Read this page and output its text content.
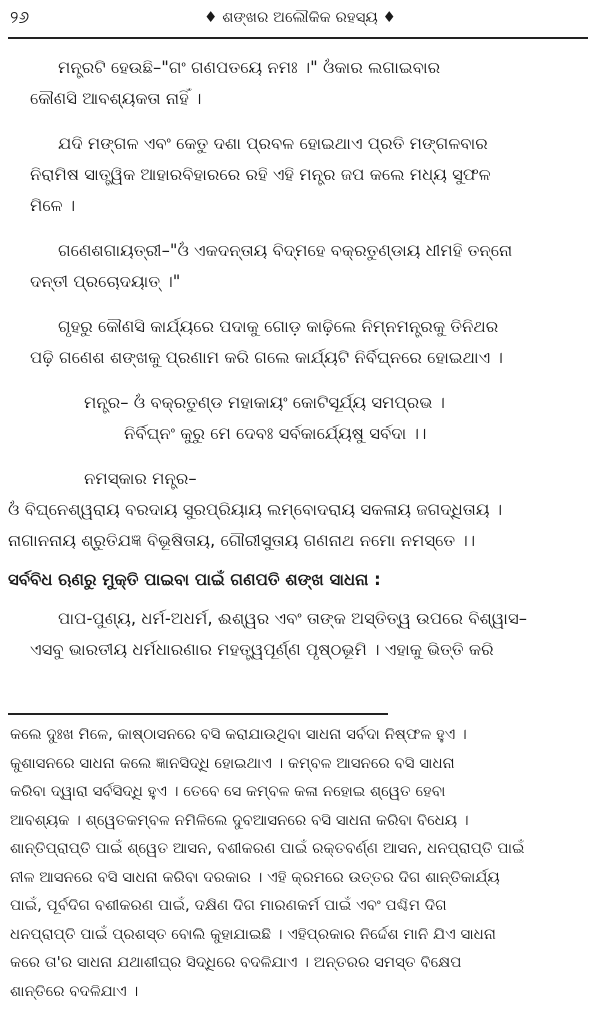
୨୬	♦ ଶଙ୍ଖର ଅଲୌକିକ ରହସ୍ୟ ♦

ମନ୍ତ୍ରଟି ହେଉଛି–"ଗଂ ଗଣପତୟେ ନମଃ ।" ଓଁକାର ଲଗାଇବାର
କୌଣସି ଆବଶ୍ୟକତା ନାହିଁ ।

ଯଦି ମଙ୍ଗଳ ଏବଂ କେତୁ ଦଶା ପ୍ରବଳ ହୋଇଥାଏ ପ୍ରତି ମଙ୍ଗଳବାର
ନିରାମିଷ ସାତ୍ତ୍ୱିକ ଆହାରବିହାରରେ ରହି ଏହି ମନ୍ତ୍ର ଜପ କଲେ ମଧ୍ୟ ସୁଫଳ
ମିଳେ ।

ଗଣେଶଗାୟତ୍ରୀ–"ଓଁ ଏକଦନ୍ତାୟ ବିଦ୍ମହେ ବକ୍ରତୁଣ୍ଡାୟ ଧୀମହି ତନ୍ନୋ
ଦନ୍ତୀ ପ୍ରଚୋଦୟାତ୍ ।"

ଗୃହରୁ କୌଣସି କାର୍ଯ୍ୟରେ ପଦାକୁ ଗୋଡ଼ କାଢ଼ିଲେ ନିମ୍ନମନ୍ତ୍ରକୁ ତିନିଥର
ପଢ଼ି ଗଣେଶ ଶଙ୍ଖକୁ ପ୍ରଣାମ କରି ଗଲେ କାର୍ଯ୍ୟଟି ନିର୍ବିଘ୍ନରେ ହୋଇଥାଏ ।

ମନ୍ତ୍ର– ଓଁ ବକ୍ରତୁଣ୍ଡ ମହାକାୟଂ କୋଟିସୂର୍ଯ୍ୟ ସମପ୍ରଭ ।

ନିର୍ବିଘ୍ନଂ କୁରୁ ମେ ଦେବଃ ସର୍ବକାର୍ଯ୍ୟେଷୁ ସର୍ବଦା ।।

ନମସ୍କାର ମନ୍ତ୍ର–

ଓଁ ବିଘ୍ନେଶ୍ୱରାୟ ବରଦାୟ ସୁରପ୍ରିୟାୟ ଲମ୍ବୋଦରାୟ ସକଳାୟ ଜଗଦ୍ଧିତାୟ ।
ନାଗାନନାୟ ଶ୍ରୁତିଯଜ୍ଞ ବିଭୂଷିତାୟ, ଗୌରୀସୁତାୟ ଗଣନାଥ ନମୋ ନମସ୍ତେ ।।

ସର୍ବବିଧ ଋଣରୁ ମୁକ୍ତି ପାଇବା ପାଇଁ ଗଣପତି ଶଙ୍ଖ ସାଧନା :

ପାପ-ପୁଣ୍ୟ, ଧର୍ମ-ଅଧର୍ମ, ଈଶ୍ୱର ଏବଂ ତାଙ୍କ ଅସ୍ତିତ୍ୱ ଉପରେ ବିଶ୍ୱାସ–
ଏସବୁ ଭାରତୀୟ ଧର୍ମଧାରଣାର ମହତ୍ତ୍ୱପୂର୍ଣ୍ଣ ପୃଷ୍ଠଭୂମି । ଏହାକୁ ଭିତ୍ତି କରି

କଲେ ଦୁଃଖ ମିଳେ, କାଷ୍ଠାସନରେ ବସି କରାଯାଉଥିବା ସାଧନା ସର୍ବଦା ନିଷ୍ଫଳ ହୁଏ ।
କୁଶାସନରେ ସାଧନା କଲେ ଜ୍ଞାନସିଦ୍ଧି ହୋଇଥାଏ । କମ୍ବଳ ଆସନରେ ବସି ସାଧନା
କରିବା ଦ୍ୱାରା ସର୍ବସିଦ୍ଧି ହୁଏ । ତେବେ ସେ କମ୍ବଳ କଳା ନହୋଇ ଶ୍ୱେତ ହେବା
ଆବଶ୍ୟକ । ଶ୍ୱେତକମ୍ବଳ ନମିଳିଲେ ଦୁବଆସନରେ ବସି ସାଧନା କରିବା ବିଧେୟ ।
ଶାନ୍ତିପ୍ରାପ୍ତି ପାଇଁ ଶ୍ୱେତ ଆସନ, ବଶୀକରଣ ପାଇଁ ରକ୍ତବର୍ଣ୍ଣ ଆସନ, ଧନପ୍ରାପ୍ତି ପାଇଁ
ନୀଳ ଆସନରେ ବସି ସାଧନା କରିବା ଦରକାର । ଏହି କ୍ରମରେ ଉତ୍ତର ଦିଗ ଶାନ୍ତିକାର୍ଯ୍ୟ
ପାଇଁ, ପୂର୍ବଦିଗ ବଶୀକରଣ ପାଇଁ, ଦକ୍ଷିଣ ଦିଗ ମାରଣକର୍ମ ପାଇଁ ଏବଂ ପଶ୍ଚିମ ଦିଗ
ଧନପ୍ରାପ୍ତି ପାଇଁ ପ୍ରଶସ୍ତ ବୋଲି କୁହାଯାଇଛି । ଏହିପ୍ରକାର ନିର୍ଦ୍ଦେଶ ମାନି ଯିଏ ସାଧନା
କରେ ତା'ର ସାଧନା ଯଥାଶୀଘ୍ର ସିଦ୍ଧିରେ ବଦଳିଯାଏ । ଅନ୍ତରର ସମସ୍ତ ବିକ୍ଷେପ
ଶାନ୍ତିରେ ବଦଳିଯାଏ ।
